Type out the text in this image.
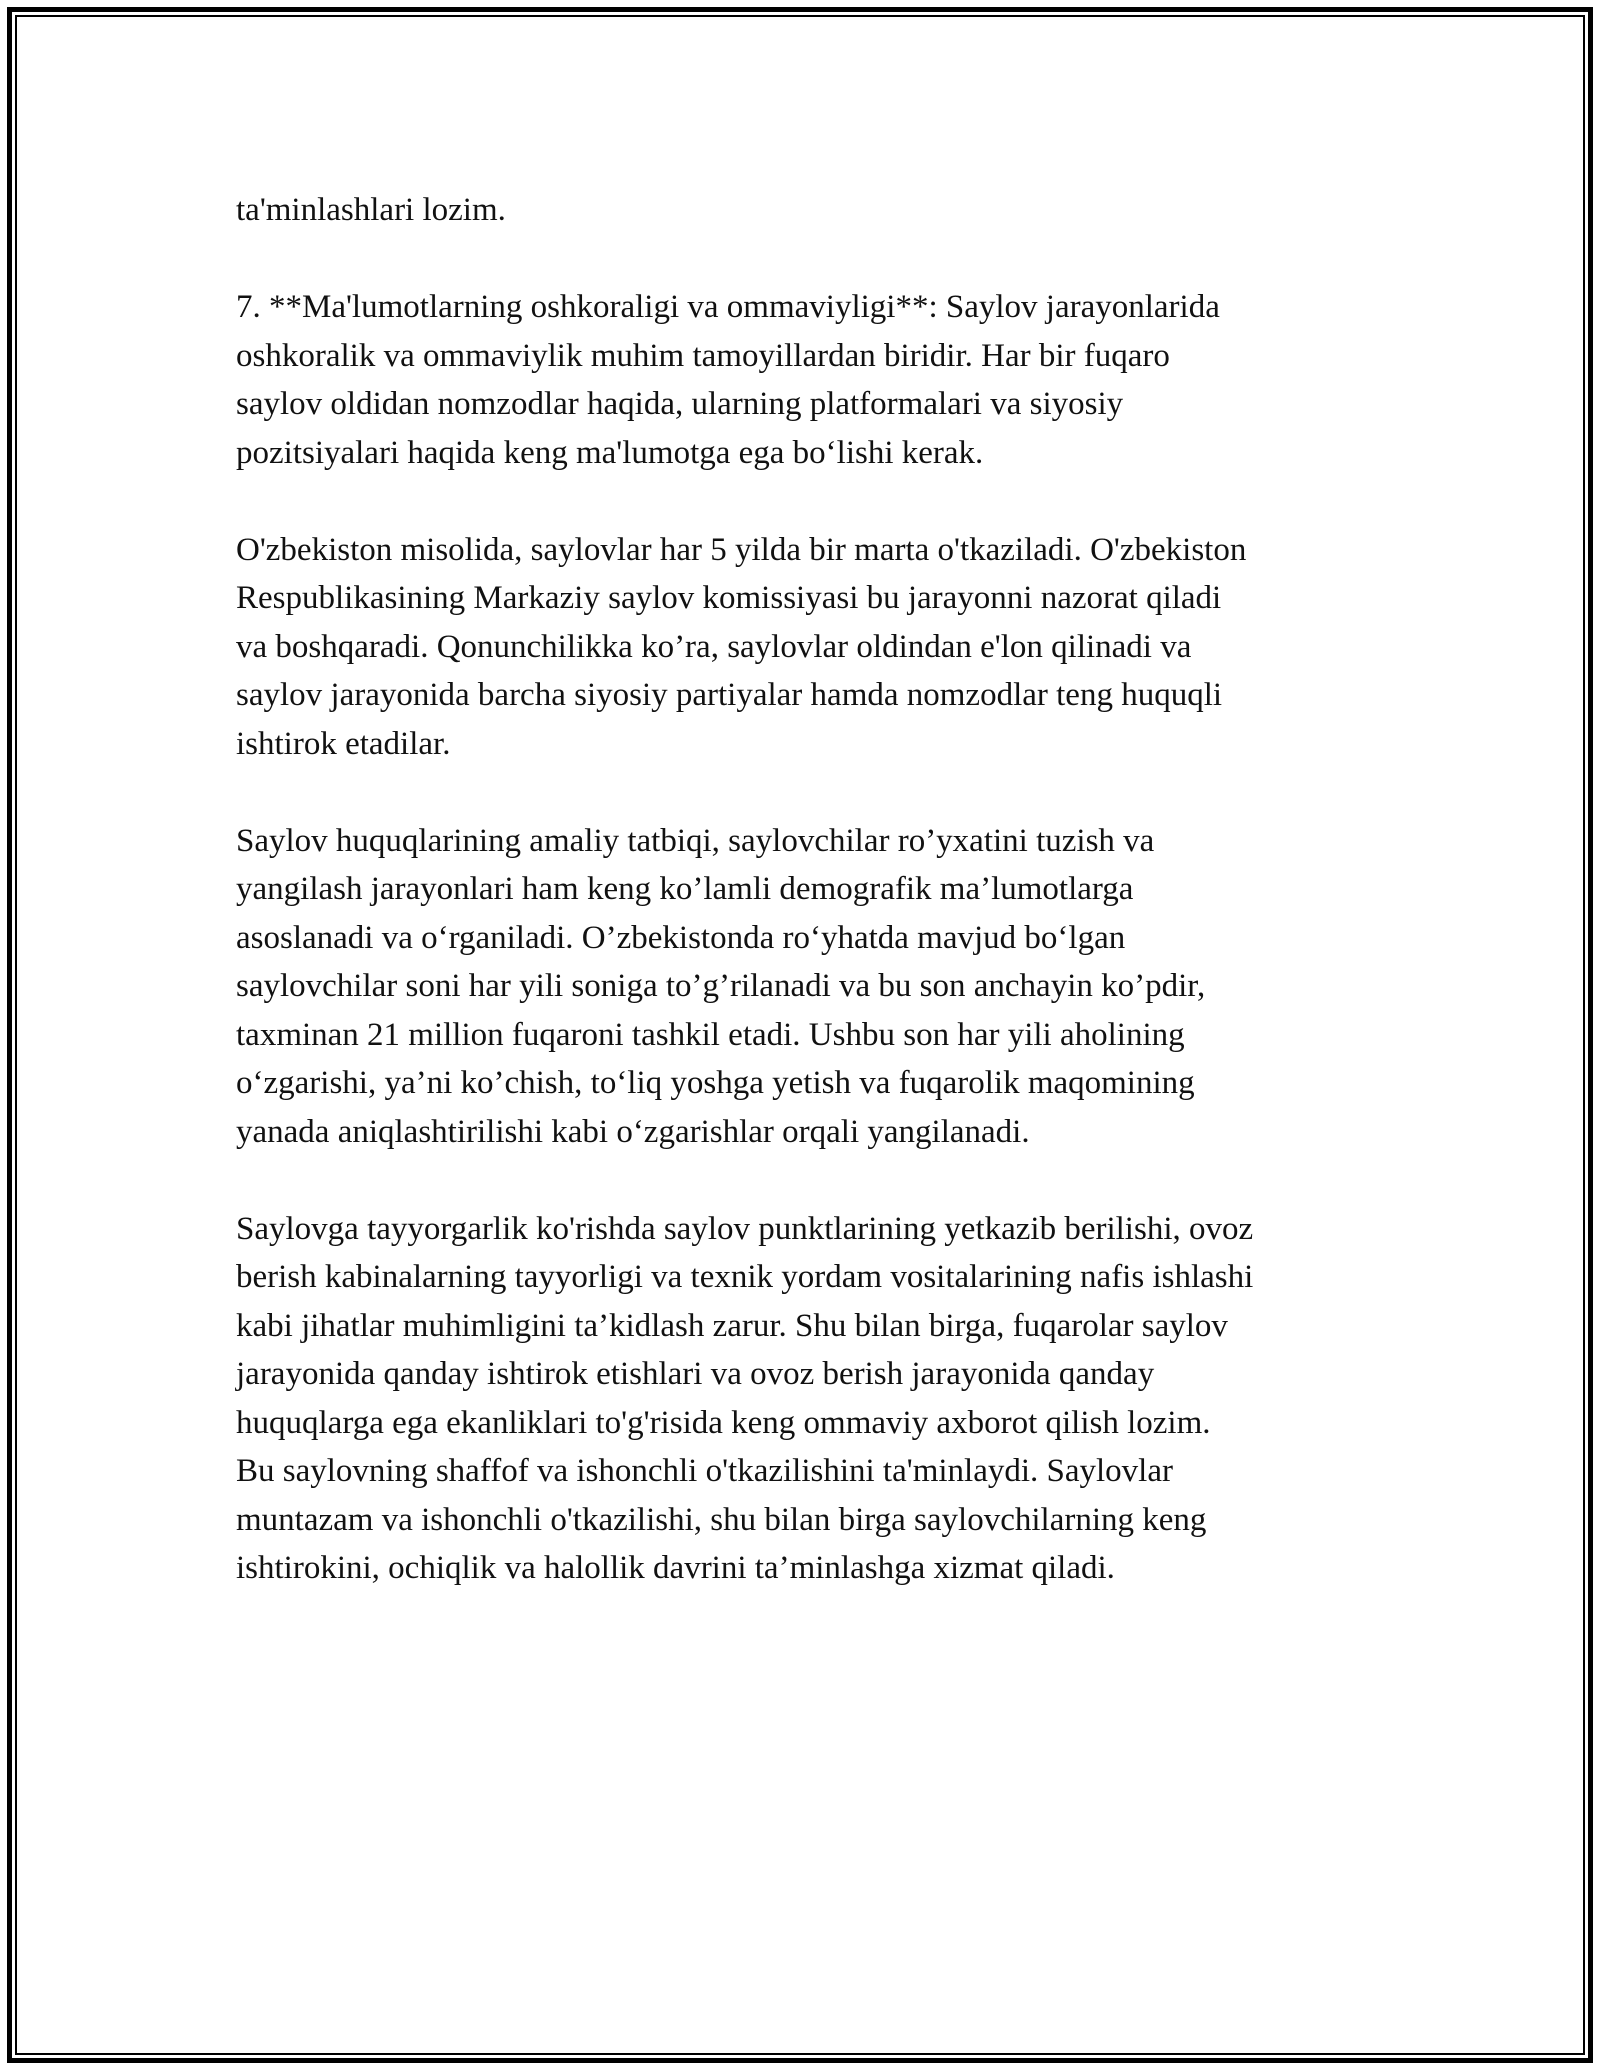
ta'minlashlari lozim.

7. **Ma'lumotlarning oshkoraligi va ommaviyligi**: Saylov jarayonlarida
oshkoralik va ommaviylik muhim tamoyillardan biridir. Har bir fuqaro
saylov oldidan nomzodlar haqida, ularning platformalari va siyosiy
pozitsiyalari haqida keng ma'lumotga ega bo‘lishi kerak.

O'zbekiston misolida, saylovlar har 5 yilda bir marta o'tkaziladi. O'zbekiston
Respublikasining Markaziy saylov komissiyasi bu jarayonni nazorat qiladi
va boshqaradi. Qonunchilikka ko’ra, saylovlar oldindan e'lon qilinadi va
saylov jarayonida barcha siyosiy partiyalar hamda nomzodlar teng huquqli
ishtirok etadilar.

Saylov huquqlarining amaliy tatbiqi, saylovchilar ro’yxatini tuzish va
yangilash jarayonlari ham keng ko’lamli demografik ma’lumotlarga
asoslanadi va o‘rganiladi. O’zbekistonda ro‘yhatda mavjud bo‘lgan
saylovchilar soni har yili soniga to’g’rilanadi va bu son anchayin ko’pdir,
taxminan 21 million fuqaroni tashkil etadi. Ushbu son har yili aholining
o‘zgarishi, ya’ni ko’chish, to‘liq yoshga yetish va fuqarolik maqomining
yanada aniqlashtirilishi kabi o‘zgarishlar orqali yangilanadi.

Saylovga tayyorgarlik ko'rishda saylov punktlarining yetkazib berilishi, ovoz
berish kabinalarning tayyorligi va texnik yordam vositalarining nafis ishlashi
kabi jihatlar muhimligini ta’kidlash zarur. Shu bilan birga, fuqarolar saylov
jarayonida qanday ishtirok etishlari va ovoz berish jarayonida qanday
huquqlarga ega ekanliklari to'g'risida keng ommaviy axborot qilish lozim.
Bu saylovning shaffof va ishonchli o'tkazilishini ta'minlaydi. Saylovlar
muntazam va ishonchli o'tkazilishi, shu bilan birga saylovchilarning keng
ishtirokini, ochiqlik va halollik davrini ta’minlashga xizmat qiladi.
